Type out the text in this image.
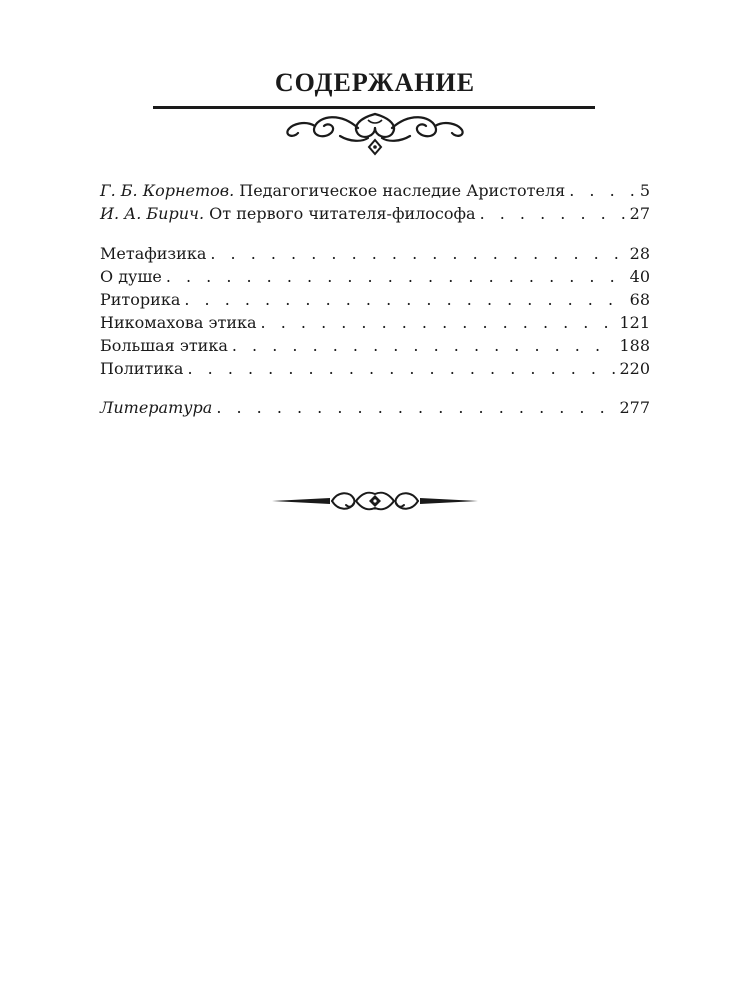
СОДЕРЖАНИЕ
Г. Б. Корнетов. Педагогическое наследие Аристотеля . . .	5
И. А. Бирич. От первого читателя-философа . . .	27
Метафизика . . .	28
О душе . . .	40
Риторика . . .	68
Никомахова этика . . .	121
Большая этика . . .	188
Политика . . .	220
Литература . . .	277
